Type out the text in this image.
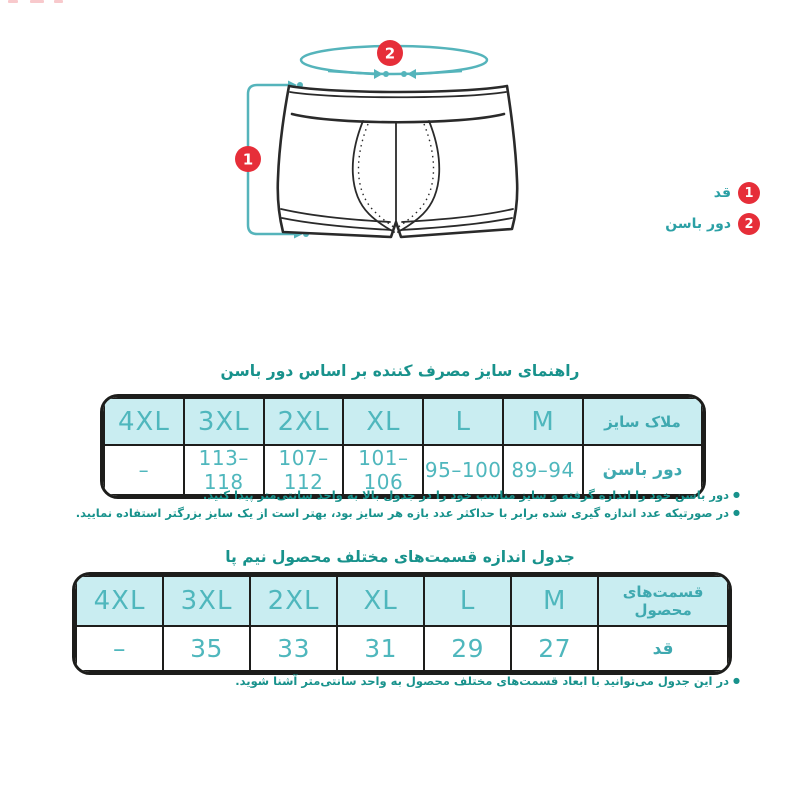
2
1
1
قد
2
دور باسن
راهنمای سایز مصرف کننده بر اساس دور باسن
4XL	3XL	2XL	XL	L	M	ملاک سایز
–	113–118	107–112	101–106	95–100	89–94	دور باسن
●دور باسن خود را اندازه گرفته و سایز مناسب خود را در جدول بالا به واحد سانتی‌متر پیدا کنید.
●در صورتیکه عدد اندازه گیری شده برابر با حداکثر عدد بازه هر سایز بود، بهتر است از یک سایز بزرگتر استفاده نمایید.
جدول اندازه قسمت‌های مختلف محصول نیم پا
4XL	3XL	2XL	XL	L	M	قسمت‌های محصول
–	35	33	31	29	27	قد
●در این جدول می‌توانید با ابعاد قسمت‌های مختلف محصول به واحد سانتی‌متر آشنا شوید.
